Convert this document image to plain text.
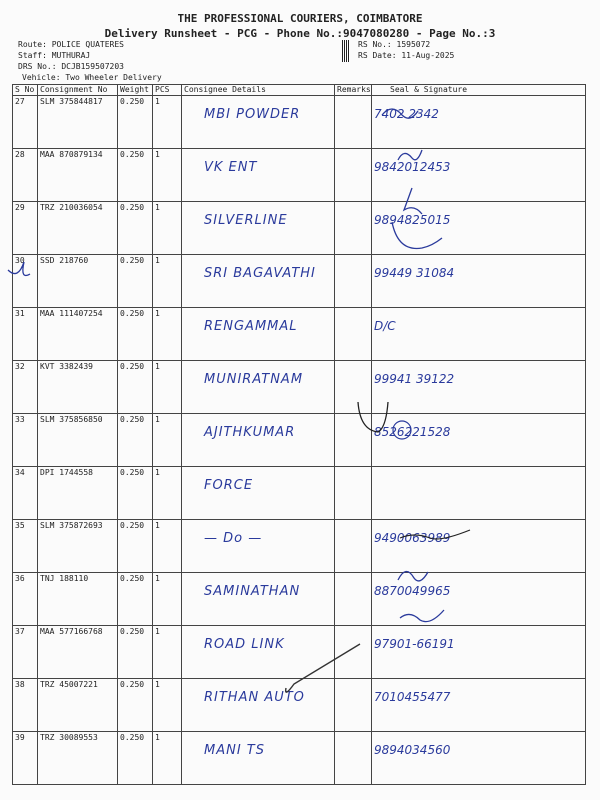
THE PROFESSIONAL COURIERS, COIMBATORE
Delivery Runsheet - PCG - Phone No.:9047080280 - Page No.:3
Route: POLICE QUATERES
Staff: MUTHURAJ
DRS No.: DCJB15950720З
Vehicle: Two Wheeler Delivery
RS No.: 1595072
RS Date: 11-Aug-2025
S No	Consignment No	Weight	PCS	Consignee Details	Remarks	Seal & Signature
27	SLM 375844817	0.250	1	MBI POWDER		7402 2342
28	MAA 870879134	0.250	1	VK ENT		9842012453
29	TRZ 210036054	0.250	1	SILVERLINE		9894825015
30	SSD 218760	0.250	1	SRI BAGAVATHI		99449 31084
31	MAA 111407254	0.250	1	RENGAMMAL		D/C
32	KVT 3382439	0.250	1	MUNIRATNAM		99941 39122
33	SLM 375856850	0.250	1	AJITHKUMAR		8526221528
34	DPI 1744558	0.250	1	FORCE		
35	SLM 375872693	0.250	1	— Do —		9490063989
36	TNJ 188110	0.250	1	SAMINATHAN		8870049965
37	MAA 577166768	0.250	1	ROAD LINK		97901-66191
38	TRZ 45007221	0.250	1	RITHAN AUTO		7010455477
39	TRZ 30089553	0.250	1	MANI TS		9894034560
